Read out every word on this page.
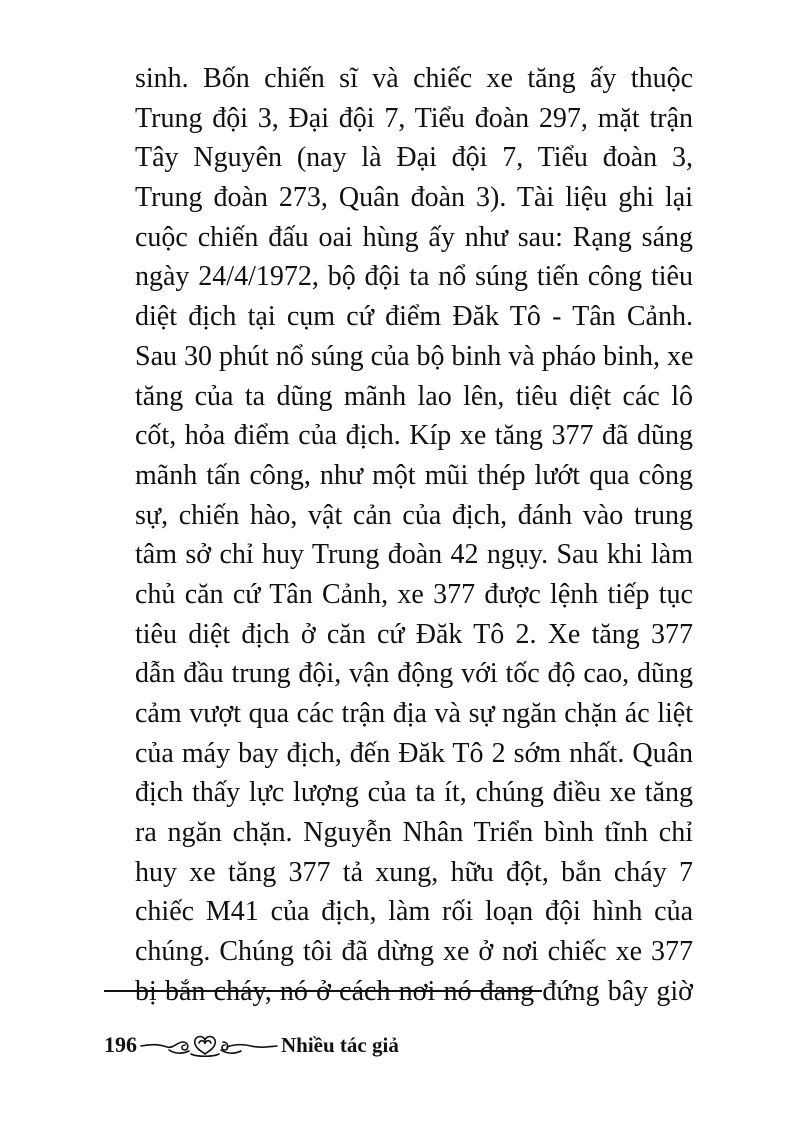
sinh. Bốn chiến sĩ và chiếc xe tăng ấy thuộc
Trung đội 3, Đại đội 7, Tiểu đoàn 297, mặt trận
Tây Nguyên (nay là Đại đội 7, Tiểu đoàn 3,
Trung đoàn 273, Quân đoàn 3). Tài liệu ghi lại
cuộc chiến đấu oai hùng ấy như sau: Rạng sáng
ngày 24/4/1972, bộ đội ta nổ súng tiến công tiêu
diệt địch tại cụm cứ điểm Đăk Tô - Tân Cảnh.
Sau 30 phút nổ súng của bộ binh và pháo binh, xe
tăng của ta dũng mãnh lao lên, tiêu diệt các lô
cốt, hỏa điểm của địch. Kíp xe tăng 377 đã dũng
mãnh tấn công, như một mũi thép lướt qua công
sự, chiến hào, vật cản của địch, đánh vào trung
tâm sở chỉ huy Trung đoàn 42 ngụy. Sau khi làm
chủ căn cứ Tân Cảnh, xe 377 được lệnh tiếp tục
tiêu diệt địch ở căn cứ Đăk Tô 2. Xe tăng 377
dẫn đầu trung đội, vận động với tốc độ cao, dũng
cảm vượt qua các trận địa và sự ngăn chặn ác liệt
của máy bay địch, đến Đăk Tô 2 sớm nhất. Quân
địch thấy lực lượng của ta ít, chúng điều xe tăng
ra ngăn chặn. Nguyễn Nhân Triển bình tĩnh chỉ
huy xe tăng 377 tả xung, hữu đột, bắn cháy 7
chiếc M41 của địch, làm rối loạn đội hình của
chúng. Chúng tôi đã dừng xe ở nơi chiếc xe 377
bị bắn cháy, nó ở cách nơi nó đang đứng bây giờ
196	Nhiều tác giả
